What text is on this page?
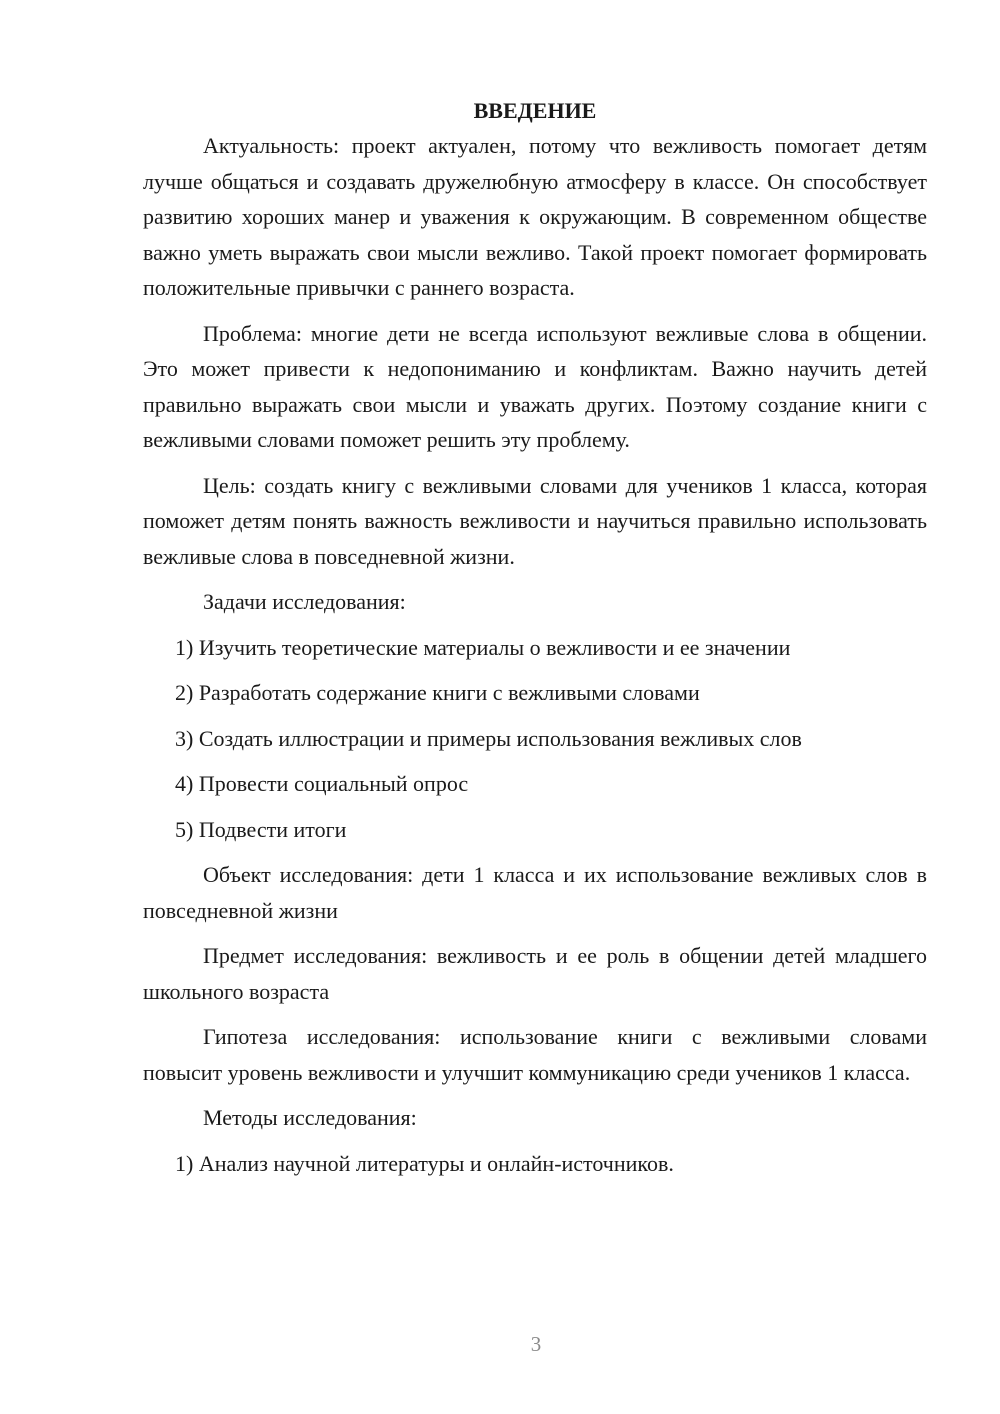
ВВЕДЕНИЕ

Актуальность: проект актуален, потому что вежливость помогает детям лучше общаться и создавать дружелюбную атмосферу в классе. Он способствует развитию хороших манер и уважения к окружающим. В современном обществе важно уметь выражать свои мысли вежливо. Такой проект помогает формировать положительные привычки с раннего возраста.

Проблема: многие дети не всегда используют вежливые слова в общении. Это может привести к недопониманию и конфликтам. Важно научить детей правильно выражать свои мысли и уважать других. Поэтому создание книги с вежливыми словами поможет решить эту проблему.

Цель: создать книгу с вежливыми словами для учеников 1 класса, которая поможет детям понять важность вежливости и научиться правильно использовать вежливые слова в повседневной жизни.

Задачи исследования:

1) Изучить теоретические материалы о вежливости и ее значении
2) Разработать содержание книги с вежливыми словами
3) Создать иллюстрации и примеры использования вежливых слов
4) Провести социальный опрос
5) Подвести итоги

Объект исследования: дети 1 класса и их использование вежливых слов в повседневной жизни

Предмет исследования: вежливость и ее роль в общении детей младшего школьного возраста

Гипотеза исследования: использование книги с вежливыми словами повысит уровень вежливости и улучшит коммуникацию среди учеников 1 класса.

Методы исследования:

1) Анализ научной литературы и онлайн-источников.
3
